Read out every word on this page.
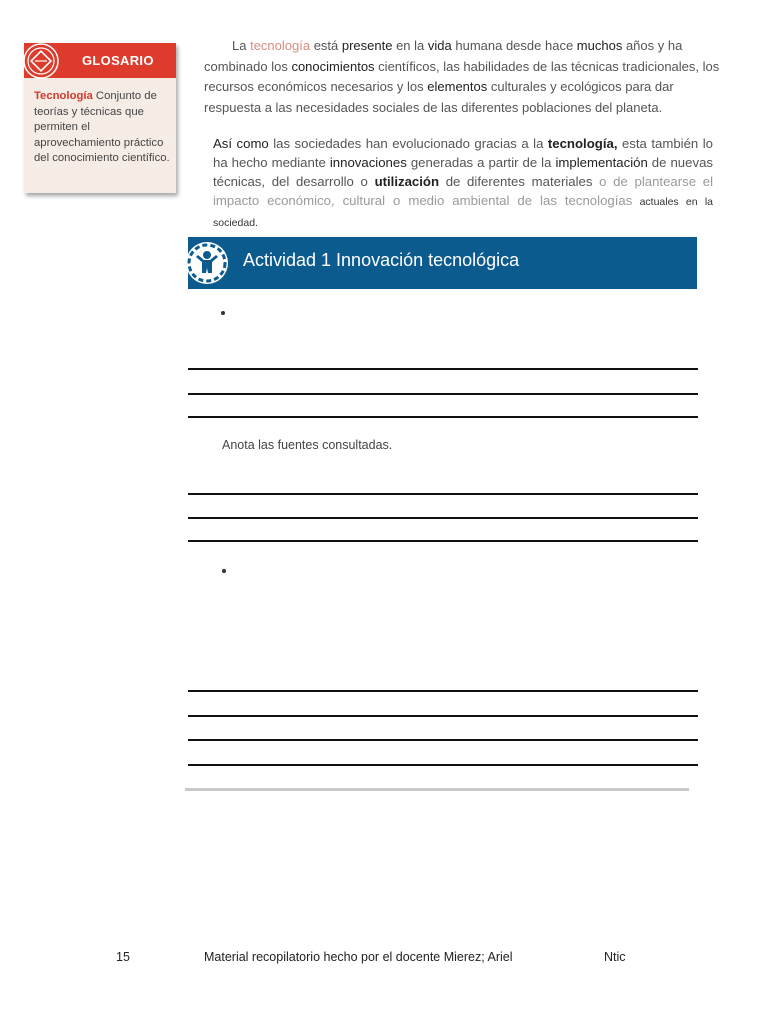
GLOSARIO
Tecnología Conjunto de teorías y técnicas que permiten el aprovechamiento práctico del conocimiento científico.
La tecnología está presente en la vida humana desde hace muchos años y ha combinado los conocimientos científicos, las habilidades de las técnicas tradicionales, los recursos económicos necesarios y los elementos culturales y ecológicos para dar respuesta a las necesidades sociales de las diferentes poblaciones del planeta.
Así como las sociedades han evolucionado gracias a la tecnología, esta también lo ha hecho mediante innovaciones generadas a partir de la implementación de nuevas técnicas, del desarrollo o utilización de diferentes materiales o de plantearse el impacto económico, cultural o medio ambiental de las tecnologías actuales en la sociedad.
Actividad 1 Innovación tecnológica
Anota las fuentes consultadas.
15	Material recopilatorio hecho por el docente Mierez; Ariel	Ntic
